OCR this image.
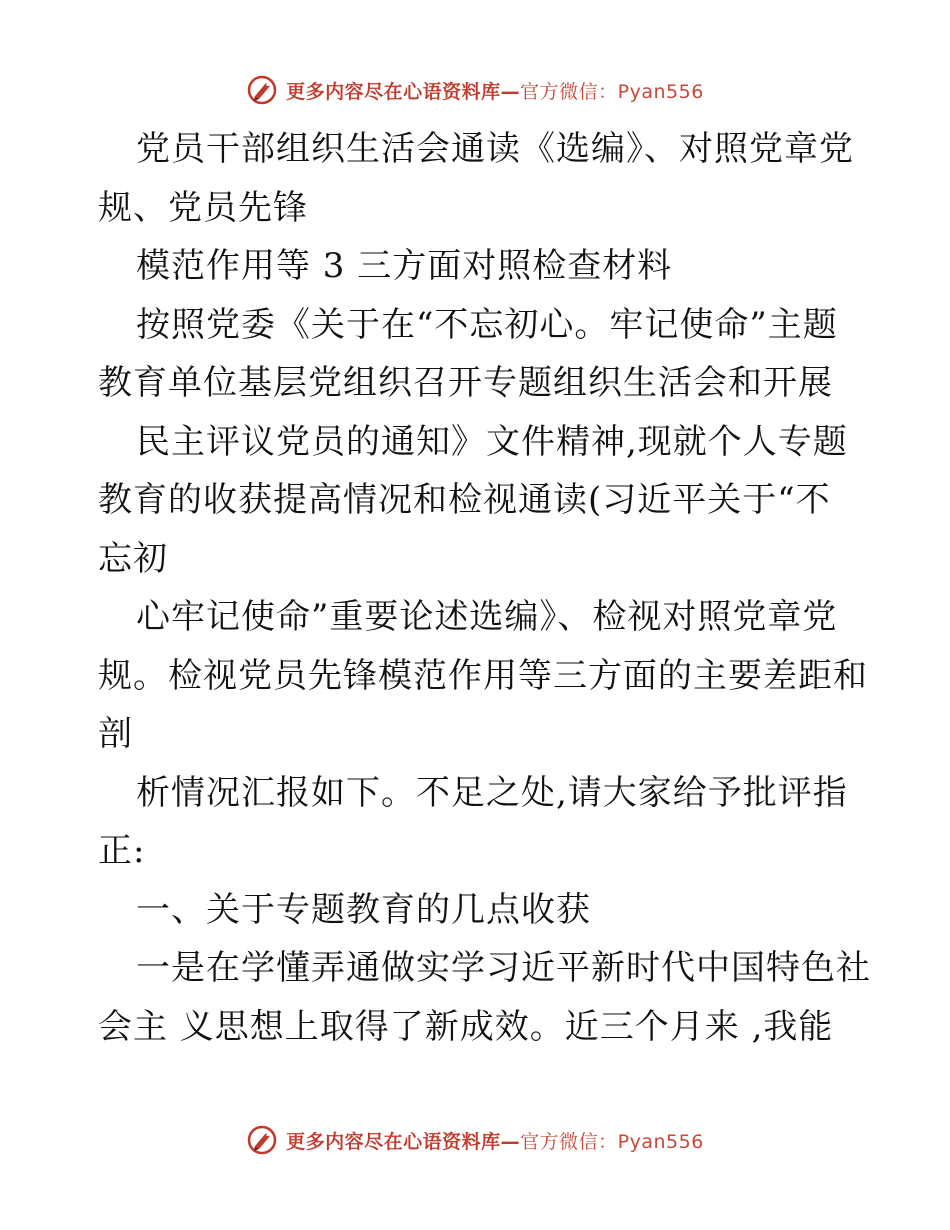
更多内容尽在心语资料库—官方微信：Pyan556
党员干部组织生活会通读《选编》、对照党章党
规、党员先锋
模范作用等 3 三方面对照检查材料
按照党委《关于在“不忘初心。牢记使命”主题
教育单位基层党组织召开专题组织生活会和开展
民主评议党员的通知》文件精神,现就个人专题
教育的收获提高情况和检视通读(习近平关于“不
忘初
心牢记使命”重要论述选编》、检视对照党章党
规。检视党员先锋模范作用等三方面的主要差距和
剖
析情况汇报如下。不足之处,请大家给予批评指
正:
一、关于专题教育的几点收获
一是在学懂弄通做实学习近平新时代中国特色社
会主 义思想上取得了新成效。近三个月来 ,我能
更多内容尽在心语资料库—官方微信：Pyan556
